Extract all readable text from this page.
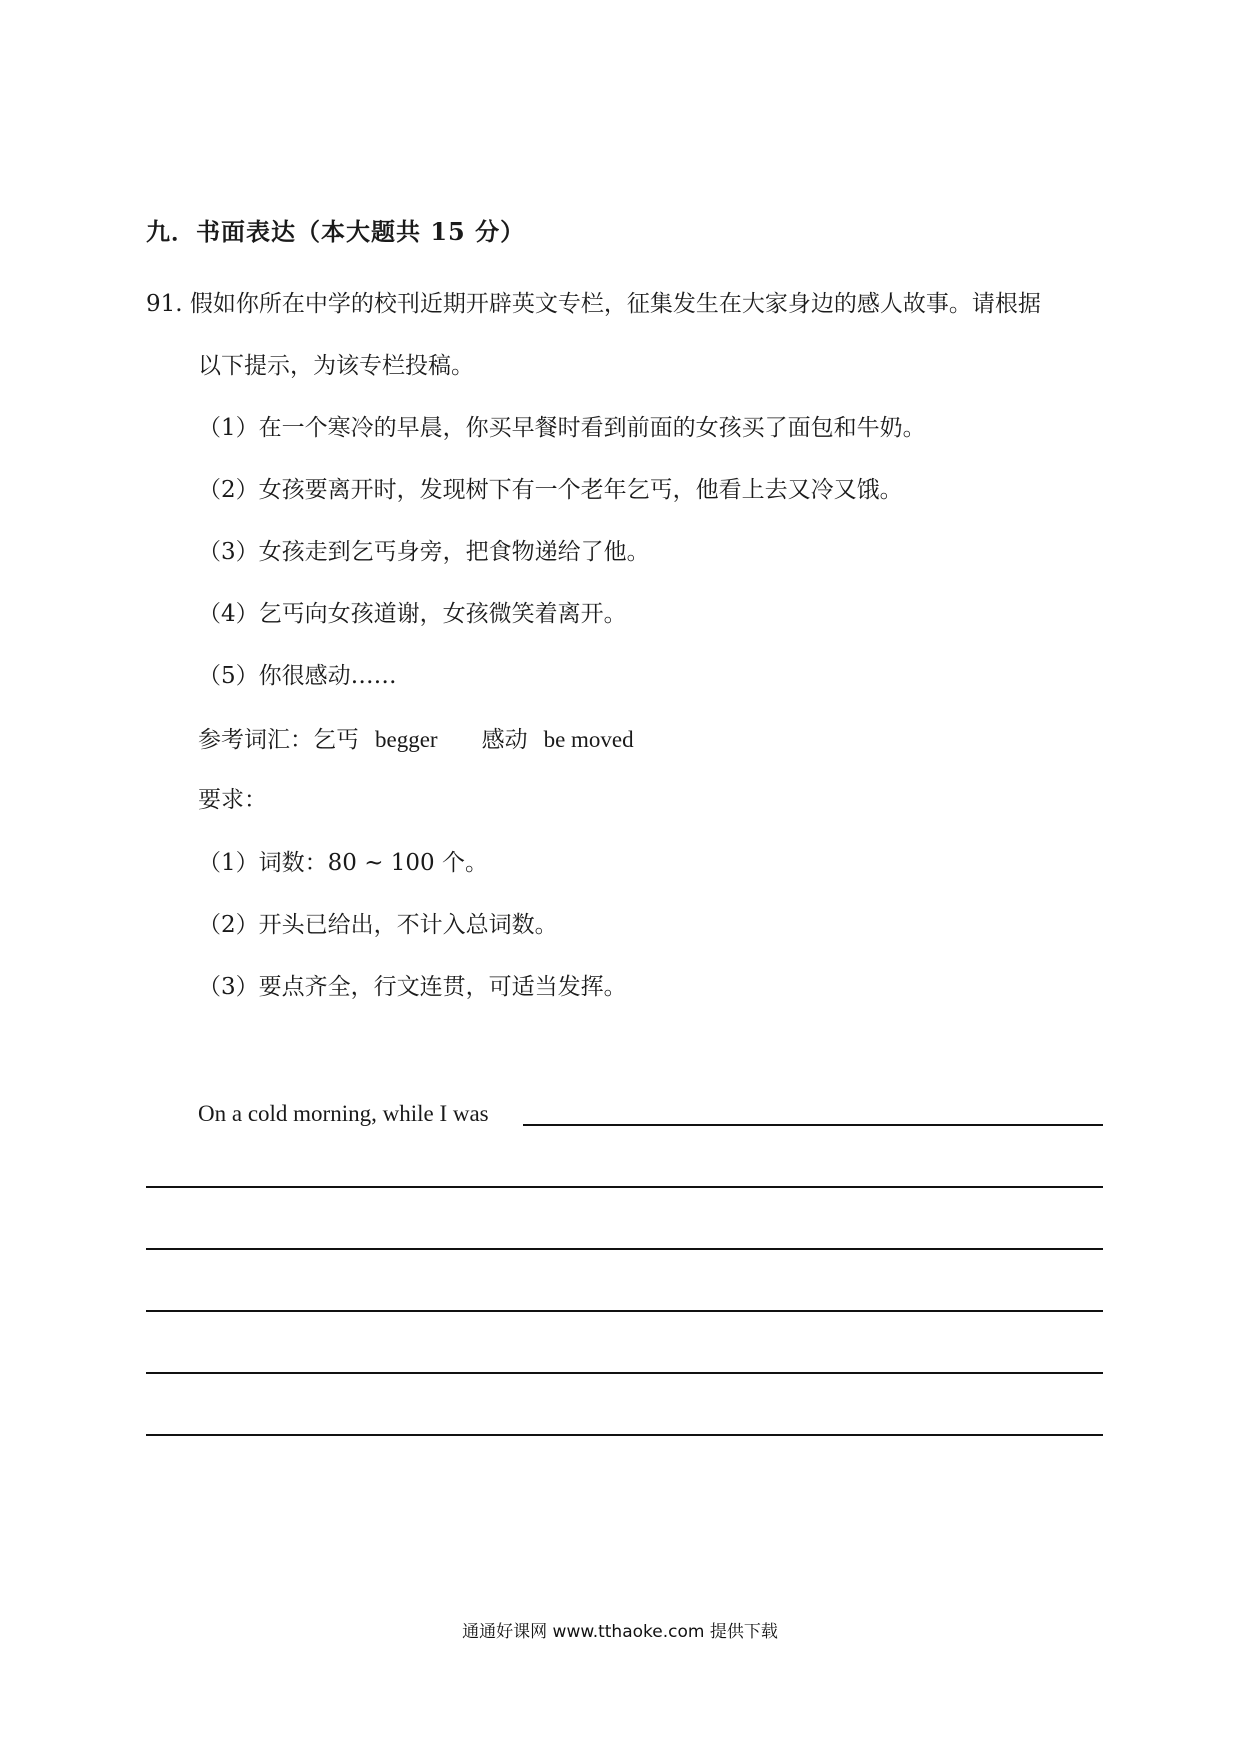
九．书面表达（本大题共 15 分）
91. 假如你所在中学的校刊近期开辟英文专栏，征集发生在大家身边的感人故事。请根据
以下提示，为该专栏投稿。
（1）在一个寒冷的早晨，你买早餐时看到前面的女孩买了面包和牛奶。
（2）女孩要离开时，发现树下有一个老年乞丐，他看上去又冷又饿。
（3）女孩走到乞丐身旁，把食物递给了他。
（4）乞丐向女孩道谢，女孩微笑着离开。
（5）你很感动……
参考词汇：乞丐 begger 感动 be moved
要求：
（1）词数：80 ~ 100 个。
（2）开头已给出，不计入总词数。
（3）要点齐全，行文连贯，可适当发挥。
On a cold morning, while I was
通通好课网 www.tthaoke.com 提供下载
